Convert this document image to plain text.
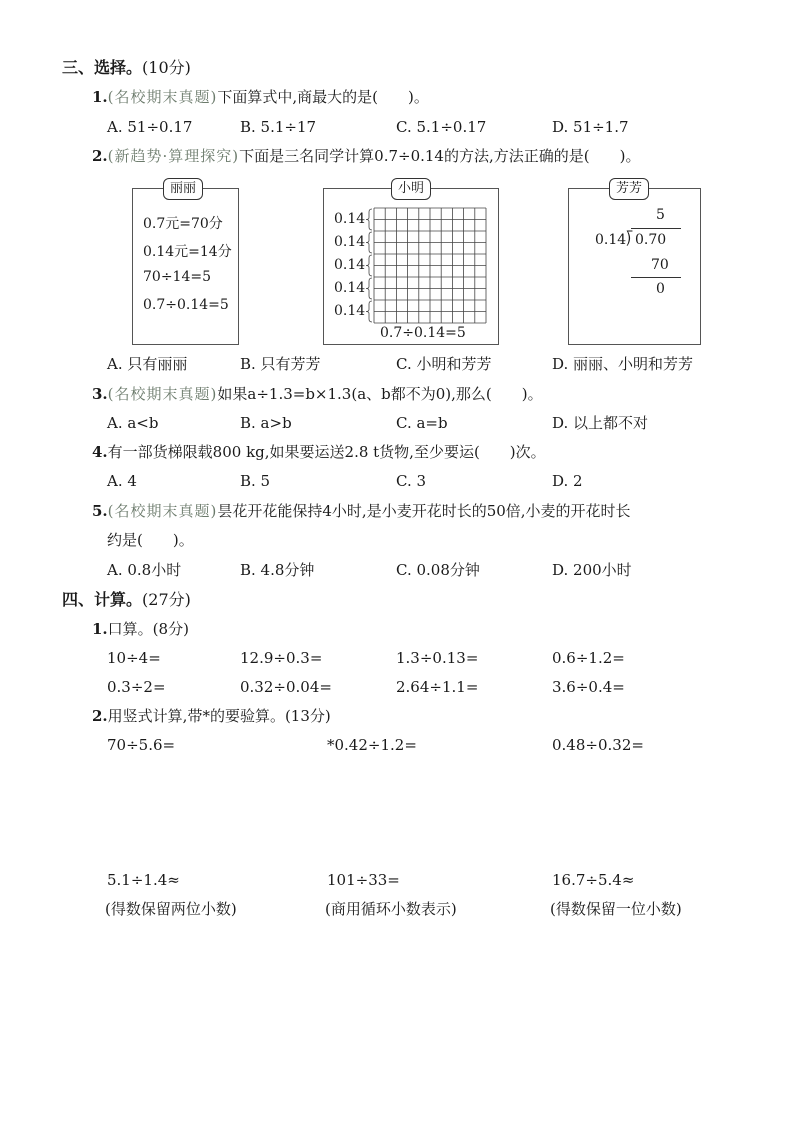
三、选择。(10分)
1.(名校期末真题)下面算式中,商最大的是(　　)。
A. 51÷0.17	B. 5.1÷17	C. 5.1÷0.17	D. 51÷1.7
2.(新趋势·算理探究)下面是三名同学计算0.7÷0.14的方法,方法正确的是(　　)。
丽丽
0.7元=70分
0.14元=14分
70÷14=5
0.7÷0.14=5
小明
0.14
0.14
0.14
0.14
0.14
0.7÷0.14=5
芳芳
5
0.14 ⟌ 0.70
70
0
A. 只有丽丽	B. 只有芳芳	C. 小明和芳芳	D. 丽丽、小明和芳芳
3.(名校期末真题)如果a÷1.3=b×1.3(a、b都不为0),那么(　　)。
A. a<b	B. a>b	C. a=b	D. 以上都不对
4.有一部货梯限载800 kg,如果要运送2.8 t货物,至少要运(　　)次。
A. 4	B. 5	C. 3	D. 2
5.(名校期末真题)昙花开花能保持4小时,是小麦开花时长的50倍,小麦的开花时长
约是(　　)。
A. 0.8小时	B. 4.8分钟	C. 0.08分钟	D. 200小时
四、计算。(27分)
1.口算。(8分)
10÷4=	12.9÷0.3=	1.3÷0.13=	0.6÷1.2=
0.3÷2=	0.32÷0.04=	2.64÷1.1=	3.6÷0.4=
2.用竖式计算,带*的要验算。(13分)
70÷5.6=	*0.42÷1.2=	0.48÷0.32=
5.1÷1.4≈	101÷33=	16.7÷5.4≈
(得数保留两位小数)	(商用循环小数表示)	(得数保留一位小数)
